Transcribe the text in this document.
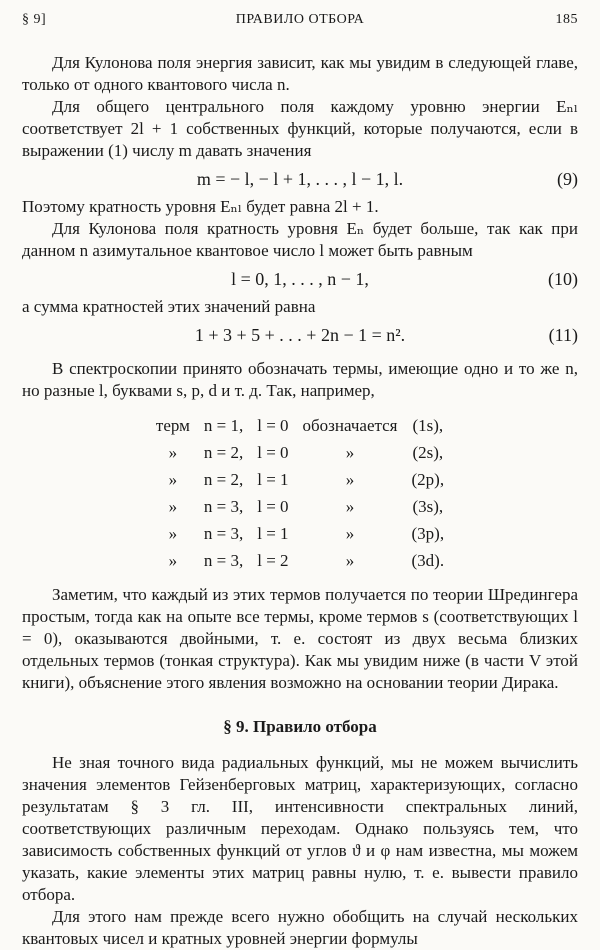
§ 9]	ПРАВИЛО ОТБОРА	185

Для Кулонова поля энергия зависит, как мы увидим в следующей главе, только от одного квантового числа n.

Для общего центрального поля каждому уровню энергии Eₙₗ соответствует 2l + 1 собственных функций, которые получаются, если в выражении (1) числу m давать значения

m = − l, − l + 1, . . . , l − 1, l.	(9)

Поэтому кратность уровня Eₙₗ будет равна 2l + 1.

Для Кулонова поля кратность уровня Eₙ будет больше, так как при данном n азимутальное квантовое число l может быть равным

l = 0, 1, . . . , n − 1,	(10)

а сумма кратностей этих значений равна

1 + 3 + 5 + . . . + 2n − 1 = n².	(11)

В спектроскопии принято обозначать термы, имеющие одно и то же n, но разные l, буквами s, p, d и т. д. Так, например,

терм	n = 1,	l = 0	обозначается	(1s),
»	n = 2,	l = 0	»	(2s),
»	n = 2,	l = 1	»	(2p),
»	n = 3,	l = 0	»	(3s),
»	n = 3,	l = 1	»	(3p),
»	n = 3,	l = 2	»	(3d).

Заметим, что каждый из этих термов получается по теории Шредингера простым, тогда как на опыте все термы, кроме термов s (соответствующих l = 0), оказываются двойными, т. е. состоят из двух весьма близких отдельных термов (тонкая структура). Как мы увидим ниже (в части V этой книги), объяснение этого явления возможно на основании теории Дирака.

§ 9. Правило отбора

Не зная точного вида радиальных функций, мы не можем вычислить значения элементов Гейзенберговых матриц, характеризующих, согласно результатам § 3 гл. III, интенсивности спектральных линий, соответствующих различным переходам. Однако пользуясь тем, что зависимость собственных функций от углов ϑ и φ нам известна, мы можем указать, какие элементы этих матриц равны нулю, т. е. вывести правило отбора.

Для этого нам прежде всего нужно обобщить на случай нескольких квантовых чисел и кратных уровней энергии формулы
